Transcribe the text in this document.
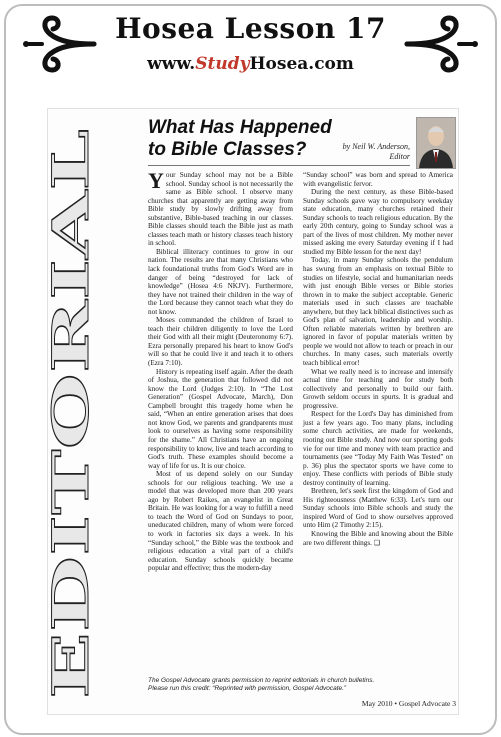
Hosea Lesson 17
www.StudyHosea.com
EDITORIAL
What Has Happened
to Bible Classes?	by Neil W. Anderson,
Editor

Your Sunday school may not be a Bible school. Sunday school is not necessarily the same as Bible school. I observe many churches that apparently are getting away from Bible study by slowly drifting away from substantive, Bible-based teaching in our classes. Bible classes should teach the Bible just as math classes teach math or history classes teach history in school.

Biblical illiteracy continues to grow in our nation. The results are that many Christians who lack foundational truths from God's Word are in danger of being “destroyed for lack of knowledge” (Hosea 4:6 NKJV). Furthermore, they have not trained their children in the way of the Lord because they cannot teach what they do not know.

Moses commanded the children of Israel to teach their children diligently to love the Lord their God with all their might (Deuteronomy 6:7). Ezra personally prepared his heart to know God's will so that he could live it and teach it to others (Ezra 7:10).

History is repeating itself again. After the death of Joshua, the generation that followed did not know the Lord (Judges 2:10). In “The Lost Generation” (Gospel Advocate, March), Don Campbell brought this tragedy home when he said, “When an entire generation arises that does not know God, we parents and grandparents must look to ourselves as having some responsibility for the shame.” All Christians have an ongoing responsibility to know, live and teach according to God's truth. These examples should become a way of life for us. It is our choice.

Most of us depend solely on our Sunday schools for our religious teaching. We use a model that was developed more than 200 years ago by Robert Raikes, an evangelist in Great Britain. He was looking for a way to fulfill a need to teach the Word of God on Sundays to poor, uneducated children, many of whom were forced to work in factories six days a week. In his “Sunday school,” the Bible was the textbook and religious education a vital part of a child's education. Sunday schools quickly became popular and effective; thus the modern-day

“Sunday school” was born and spread to America with evangelistic fervor.

During the next century, as these Bible-based Sunday schools gave way to compulsory weekday state education, many churches retained their Sunday schools to teach religious education. By the early 20th century, going to Sunday school was a part of the lives of most children. My mother never missed asking me every Saturday evening if I had studied my Bible lesson for the next day!

Today, in many Sunday schools the pendulum has swung from an emphasis on textual Bible to studies on lifestyle, social and humanitarian needs with just enough Bible verses or Bible stories thrown in to make the subject acceptable. Generic materials used in such classes are teachable anywhere, but they lack biblical distinctives such as God's plan of salvation, leadership and worship. Often reliable materials written by brethren are ignored in favor of popular materials written by people we would not allow to teach or preach in our churches. In many cases, such materials overtly teach biblical error!

What we really need is to increase and intensify actual time for teaching and for study both collectively and personally to build our faith. Growth seldom occurs in spurts. It is gradual and progressive.

Respect for the Lord's Day has diminished from just a few years ago. Too many plans, including some church activities, are made for weekends, rooting out Bible study. And now our sporting gods vie for our time and money with team practice and tournaments (see “Today My Faith Was Tested” on p. 36) plus the spectator sports we have come to enjoy. These conflicts with periods of Bible study destroy continuity of learning.

Brethren, let's seek first the kingdom of God and His righteousness (Matthew 6:33). Let's turn our Sunday schools into Bible schools and study the inspired Word of God to show ourselves approved unto Him (2 Timothy 2:15).

Knowing the Bible and knowing about the Bible are two different things. ❏

The Gospel Advocate grants permission to reprint editorials in church bulletins.
Please run this credit: “Reprinted with permission, Gospel Advocate.”
May 2010 • Gospel Advocate 3
